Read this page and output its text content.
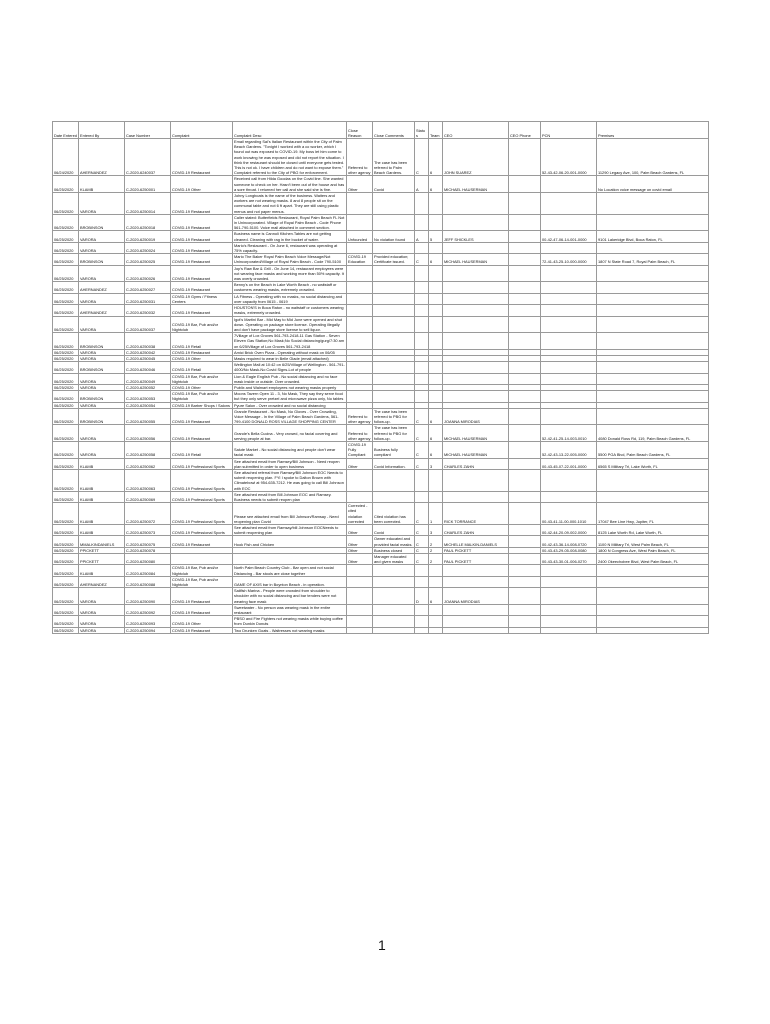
Date Entered	Entered By	Case Number	Complaint	Complaint Desc	Close Reason	Close Comments	Status	Team	CEO	CEO Phone	PCN	Premises
06/24/2020	AHERNANDEZ	C-2020-6240037	COVID-19 Restaurant	Email regarding Sal's Italian Restaurant within the City of Palm Beach Gardens. "Tonight I worked with a co worker, which I found out was exposed to COVID-19. My boss let him come to work knowing he was exposed and did not report the situation. I think the restaurant should be closed until everyone gets tested. This is not ok. I have children and do not want to expose them." Complaint referred to the City of PBG for enforcement.	Referred to other agency	The case has been referred to Palm Beach Gardens.	C	6	JOHN SUAREZ		52-43-42-06-20-001-0000	11290 Legacy Ave, 100, Palm Beach Gardens, FL
06/25/2020	KLAMB	C-2020-6250001	COVID-19 Other	Received call from Hilda Goodas on the Covid line. She wanted someone to check on her. Hasn't been out of the house and has a sore throat. I returned her call and she said she is fine.	Other	Covid	A	6	MICHAEL HAUSERMAN			No Location voice message on covid email
06/25/2020	VARORA	C-2020-6250014	COVID-19 Restaurant	Johny Longboats is the name of the business. Waiters and workers are not wearing masks. 8 and 8 people sit on the communal table and not 6 ft apart. They are still using plastic menus and not paper menus.								
06/25/2020	BROBINSON	C-2020-6250018	COVID-19 Restaurant	Caller stated: Butterfields Restaurant, Royal Palm Beach FL Not in Unincorporated. Village of Royal Palm Beach - Code Phone 561-790-5100. Voice mail attached in comment section.								
06/25/2020	VARORA	C-2020-6250019	COVID-19 Restaurant	Business name is Cannoli Kitchen.Tables are not getting cleaned. Cleaning with rag in the bucket of water.	Unfounded	No violation found	A	5	JEFF SHICKLES		00-42-47-06-14-001-0000	9101 Lakeridge Blvd, Boca Raton, FL
06/25/2020	VARORA	C-2020-6250024	COVID-19 Restaurant	Mario's Restaurant - On June 6, restaurant was operating at 75% capacity.								
06/25/2020	BROBINSON	C-2020-6250025	COVID-19 Restaurant	Mario The Baker Royal Palm Beach Voice Message/Not Unincorporated/Village of Royal Palm Beach - Code 790-5100	COVID-19 Education	Provided education; Certificate issued.	C	6	MICHAEL HAUSERMAN		72-41-43-25-10-000-0000	1807 N State Road 7, Royal Palm Beach, FL
06/25/2020	VARORA	C-2020-6250026	COVID-19 Restaurant	Jop's Raw Bar & Grill - On June 14, restaurant employees were not wearing face masks and working more than 50% capacity. It was overly crowded.								
06/25/2020	AHERNANDEZ	C-2020-6250027	COVID-19 Restaurant	Benny's on the Beach in Lake Worth Beach - no waitstaff or customers wearing masks, extremely crowded.								
06/25/2020	VARORA	C-2020-6250031	COVID-19 Gyms / Fitness Centers	LA Fitness - Operating with no masks, no social distancing and over capacity from 0615 - 0619								
06/25/2020	AHERNANDEZ	C-2020-6250032	COVID-19 Restaurant	HOUSTON'S in Boca Raton - no waitstaff or customers wearing masks, extremely crowded.								
06/25/2020	VARORA	C-2020-6250037	COVID-19 Bar, Pub and/or Nightclub	Igot's Martini Bar - Mid May to Mid June were opened and shut down. Operating on package store license. Operating illegally and don't have package store license to sell liquor.								
06/25/2020	BROBINSON	C-2020-6250038	COVID-19 Retail	7Village of Lox Groves 561-793-2418-11 Gas Station - Seven Eleven Gas Station;No Mask;No Social distancing/gurg/7:30 am on 6/25/Village of Lox Groves 561-793-2418								
06/25/2020	VARORA	C-2020-6250042	COVID-19 Restaurant	Amici Brick Oven Pizza - Operating without mask on 06/05								
06/25/2020	VARORA	C-2020-6250045	COVID-19 Other	Masks required to wear in Belle Glade (email attached)								
06/25/2020	BROBINSON	C-2020-6250046	COVID-19 Retail	Wellington Mall at 10:42 on 6/25/Village of Wellington - 561-791-4000/No Mask-No Covid Signs-Lot of people								
06/25/2020	VARORA	C-2020-6250049	COVID-19 Bar, Pub and/or Nightclub	Lion & Eagle English Pub - No social distancing and no face mask inside or outside. Over crowded.								
06/25/2020	VARORA	C-2020-6250052	COVID-19 Other	Publix and Walmart employees not wearing masks properly								
06/25/2020	BROBINSON	C-2020-6250053	COVID-19 Bar, Pub and/or Nightclub	Moons Tavern Open 11 - 3, No Mask, They say they serve food but they only serve pretzel and microwave pizza only, No tables								
06/25/2020	VARORA	C-2020-6250054	COVID-19 Barber Shops / Salons	Pyure Salon - Over crowded and no social distancing								
06/25/2020	BROBINSON	C-2020-6250055	COVID-19 Restaurant	Grande Restaurant - No Mask, No Gloves - Over Crowding, Voice Message - In the Village of Palm Beach Gardens, 561-799-4100 DONALD ROSS VILLAGE SHOPPING CENTER	Referred to other agency	The case has been referred to PBG for follow-up.	C	6	JOANNA MIRODIAS			
06/25/2020	VARORA	C-2020-6250056	COVID-19 Restaurant	Grande's Bella Cucina - Very crowed, no facial covering and serving people at bar.	Referred to other agency	The case has been referred to PBG for follow-up.	C	6	MICHAEL HAUSERMAN		52-42-41-25-14-003-0010	4080 Donald Ross Rd, 119, Palm Beach Gardens, FL
06/25/2020	VARORA	C-2020-6250058	COVID-19 Retail	Salute Market - No social distancing and people don't wear facial mask	COVID-19 Fully Compliant	Business fully compliant	C	6	MICHAEL HAUSERMAN		52-42-43-13-22-005-0000	5500 PGA Blvd, Palm Beach Gardens, FL
06/25/2020	KLAMB	C-2020-6250062	COVID-19 Professional Sports	See attached email from Ramsey/Bill Johnson - Need reopen plan submitted in order to open business	Other	Covid Information.	C	3	CHARLES ZAHN		00-43-45-07-22-001-0000	6565 S Military Trl, Lake Worth, FL
06/25/2020	KLAMB	C-2020-6250063	COVID-19 Professional Sports	See attached referral from Ramsey/Bill Johnson EOC Needs to submit reopening plan. FYI I spoke to Dalton Brown with Climatebowl at 954-635-7212. He was going to call Bill Johnson with EOC								
06/25/2020	KLAMB	C-2020-6250069	COVID-19 Professional Sports	See attached email from Bill Johnson EOC and Ramsey. Business needs to submit reopen plan								
06/25/2020	KLAMB	C-2020-6250072	COVID-19 Professional Sports	Please see attached email from Bill Johnson/Ramsay - Need reopening plan Covid	Corrected - cited violation corrected	Cited violation has been corrected.	C	1	RICK TORRANCE		00-43-41-11-00-000-1010	17047 Bee Line Hwy, Jupiter, FL
06/25/2020	KLAMB	C-2020-6250073	COVID-19 Professional Sports	See attached email from Ramsay/bill Johnson EOCNeeds to submit reopening plan	Other	Covid	C	3	CHARLES ZAHN		00-42-44-20-09-002-0000	8125 Lake Worth Rd, Lake Worth, FL
06/25/2020	MMALKINDANIELS	C-2020-6250075	COVID-19 Restaurant	Hook Fish and Chicken	Other	Owner educated and provided facial masks.	C	2	MICHELLE MALKIN-DANIELS		00-42-43-36-14-008-0720	1100 N Military Trl, West Palm Beach, FL
06/25/2020	PPICKETT	C-2020-6250078			Other	Business closed	C	2	PAUL PICKETT		00-43-43-29-05-008-0080	1800 N Congress Ave, West Palm Beach, FL
06/25/2020	PPICKETT	C-2020-6250080			Other	Manager educated and given masks	C	2	PAUL PICKETT		00-43-43-30-01-006-0270	2400 Okeechobee Blvd, West Palm Beach, FL
06/25/2020	KLAMB	C-2020-6250084	COVID-19 Bar, Pub and/or Nightclub	North Palm Beach Country Club - Bar open and not social Distancing - Bar stools are close together								
06/25/2020	AHERNANDEZ	C-2020-6250088	COVID-19 Bar, Pub and/or Nightclub	GAME OF AXIS bar in Boynton Beach - in operation.								
06/25/2020	VARORA	C-2020-6250090	COVID-19 Restaurant	Sailfish Marina - People were crowded from shoulder to shoulder with no social distancing and bar tenders were not wearing face mask			D	6	JOANNA MIRODIAS			
06/25/2020	VARORA	C-2020-6250092	COVID-19 Restaurant	Sweetwater - No person was wearing mask in the entire restaurant								
06/25/2020	VARORA	C-2020-6250093	COVID-19 Other	PBSO and Fire Fighters not wearing masks while buying coffee from Dunkin Donuts								
06/25/2020	VARORA	C-2020-6250094	COVID-19 Restaurant	Two Drunken Goats - Waitresses not wearing masks								
1
